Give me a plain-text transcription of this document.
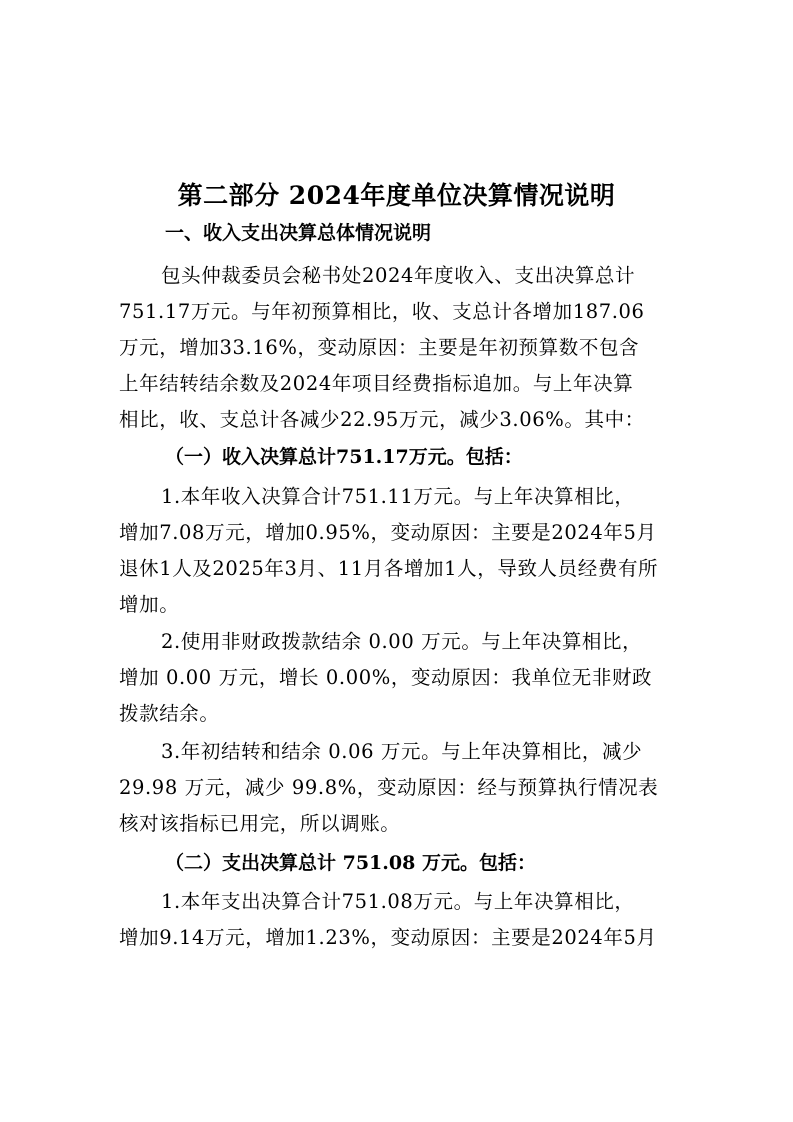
第二部分 2024年度单位决算情况说明
一、收入支出决算总体情况说明
包头仲裁委员会秘书处2024年度收入、支出决算总计
751.17万元。与年初预算相比，收、支总计各增加187.06
万元，增加33.16%，变动原因：主要是年初预算数不包含
上年结转结余数及2024年项目经费指标追加。与上年决算
相比，收、支总计各减少22.95万元，减少3.06%。其中：
（一）收入决算总计751.17万元。包括：
1.本年收入决算合计751.11万元。与上年决算相比，
增加7.08万元，增加0.95%，变动原因：主要是2024年5月
退休1人及2025年3月、11月各增加1人，导致人员经费有所
增加。
2.使用非财政拨款结余 0.00 万元。与上年决算相比，
增加 0.00 万元，增长 0.00%，变动原因：我单位无非财政
拨款结余。
3.年初结转和结余 0.06 万元。与上年决算相比，减少
29.98 万元，减少 99.8%，变动原因：经与预算执行情况表
核对该指标已用完，所以调账。
（二）支出决算总计 751.08 万元。包括：
1.本年支出决算合计751.08万元。与上年决算相比，
增加9.14万元，增加1.23%，变动原因：主要是2024年5月
